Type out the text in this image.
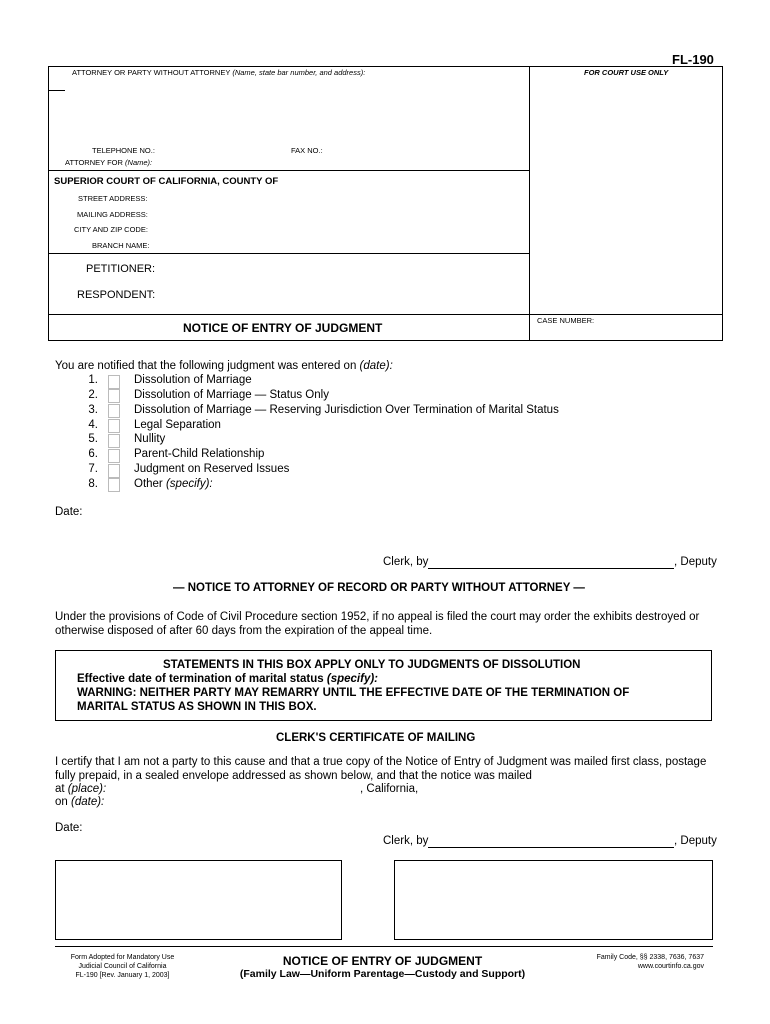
FL-190
ATTORNEY OR PARTY WITHOUT ATTORNEY (Name, state bar number, and address):	FOR COURT USE ONLY
TELEPHONE NO.:	FAX NO.:
ATTORNEY FOR (Name):
SUPERIOR COURT OF CALIFORNIA, COUNTY OF
STREET ADDRESS:
MAILING ADDRESS:
CITY AND ZIP CODE:
BRANCH NAME:
PETITIONER:
RESPONDENT:
NOTICE OF ENTRY OF JUDGMENT
CASE NUMBER:
You are notified that the following judgment was entered on (date):
1.	Dissolution of Marriage
2.	Dissolution of Marriage — Status Only
3.	Dissolution of Marriage — Reserving Jurisdiction Over Termination of Marital Status
4.	Legal Separation
5.	Nullity
6.	Parent-Child Relationship
7.	Judgment on Reserved Issues
8.	Other (specify):
Date:
Clerk, by	, Deputy
— NOTICE TO ATTORNEY OF RECORD OR PARTY WITHOUT ATTORNEY —
Under the provisions of Code of Civil Procedure section 1952, if no appeal is filed the court may order the exhibits destroyed or
otherwise disposed of after 60 days from the expiration of the appeal time.
STATEMENTS IN THIS BOX APPLY ONLY TO JUDGMENTS OF DISSOLUTION
Effective date of termination of marital status (specify):
WARNING: NEITHER PARTY MAY REMARRY UNTIL THE EFFECTIVE DATE OF THE TERMINATION OF
MARITAL STATUS AS SHOWN IN THIS BOX.
CLERK'S CERTIFICATE OF MAILING
I certify that I am not a party to this cause and that a true copy of the Notice of Entry of Judgment was mailed first class, postage
fully prepaid, in a sealed envelope addressed as shown below, and that the notice was mailed
at (place):	, California,
on (date):
Date:
Clerk, by	, Deputy
Form Adopted for Mandatory Use
Judicial Council of California
FL-190 [Rev. January 1, 2003]
NOTICE OF ENTRY OF JUDGMENT
(Family Law—Uniform Parentage—Custody and Support)
Family Code, §§ 2338, 7636, 7637
www.courtinfo.ca.gov
